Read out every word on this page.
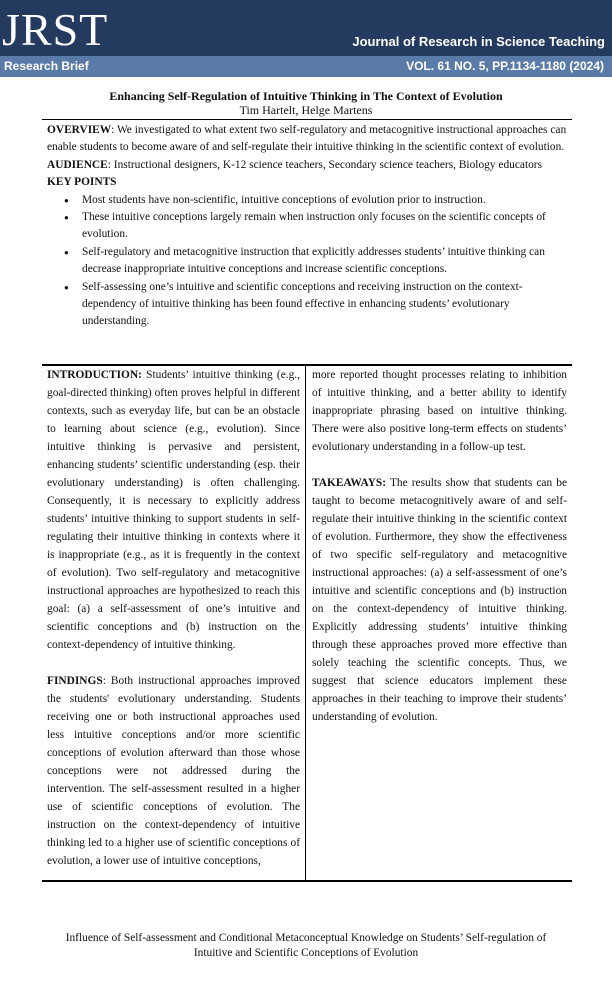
JRST	Journal of Research in Science Teaching
Research Brief	VOL. 61 NO. 5, PP.1134-1180 (2024)
Enhancing Self-Regulation of Intuitive Thinking in The Context of Evolution
Tim Hartelt, Helge Martens

OVERVIEW: We investigated to what extent two self-regulatory and metacognitive instructional approaches can enable students to become aware of and self-regulate their intuitive thinking in the scientific context of evolution.

AUDIENCE: Instructional designers, K-12 science teachers, Secondary science teachers, Biology educators

KEY POINTS

● Most students have non-scientific, intuitive conceptions of evolution prior to instruction.
● These intuitive conceptions largely remain when instruction only focuses on the scientific concepts of evolution.
● Self-regulatory and metacognitive instruction that explicitly addresses students’ intuitive thinking can decrease inappropriate intuitive conceptions and increase scientific conceptions.
● Self-assessing one’s intuitive and scientific conceptions and receiving instruction on the context-dependency of intuitive thinking has been found effective in enhancing students’ evolutionary understanding.

INTRODUCTION: Students’ intuitive thinking (e.g., goal-directed thinking) often proves helpful in different contexts, such as everyday life, but can be an obstacle to learning about science (e.g., evolution). Since intuitive thinking is pervasive and persistent, enhancing students’ scientific understanding (esp. their evolutionary understanding) is often challenging. Consequently, it is necessary to explicitly address students’ intuitive thinking to support students in self-regulating their intuitive thinking in contexts where it is inappropriate (e.g., as it is frequently in the context of evolution). Two self-regulatory and metacognitive instructional approaches are hypothesized to reach this goal: (a) a self-assessment of one’s intuitive and scientific conceptions and (b) instruction on the context-dependency of intuitive thinking.

FINDINGS: Both instructional approaches improved the students' evolutionary understanding. Students receiving one or both instructional approaches used less intuitive conceptions and/or more scientific conceptions of evolution afterward than those whose conceptions were not addressed during the intervention. The self-assessment resulted in a higher use of scientific conceptions of evolution. The instruction on the context-dependency of intuitive thinking led to a higher use of scientific conceptions of evolution, a lower use of intuitive conceptions,

more reported thought processes relating to inhibition of intuitive thinking, and a better ability to identify inappropriate phrasing based on intuitive thinking. There were also positive long-term effects on students’ evolutionary understanding in a follow-up test.

TAKEAWAYS: The results show that students can be taught to become metacognitively aware of and self-regulate their intuitive thinking in the scientific context of evolution. Furthermore, they show the effectiveness of two specific self-regulatory and metacognitive instructional approaches: (a) a self-assessment of one’s intuitive and scientific conceptions and (b) instruction on the context-dependency of intuitive thinking. Explicitly addressing students’ intuitive thinking through these approaches proved more effective than solely teaching the scientific concepts. Thus, we suggest that science educators implement these approaches in their teaching to improve their students’ understanding of evolution.

Influence of Self-assessment and Conditional Metaconceptual Knowledge on Students’ Self-regulation of Intuitive and Scientific Conceptions of Evolution
